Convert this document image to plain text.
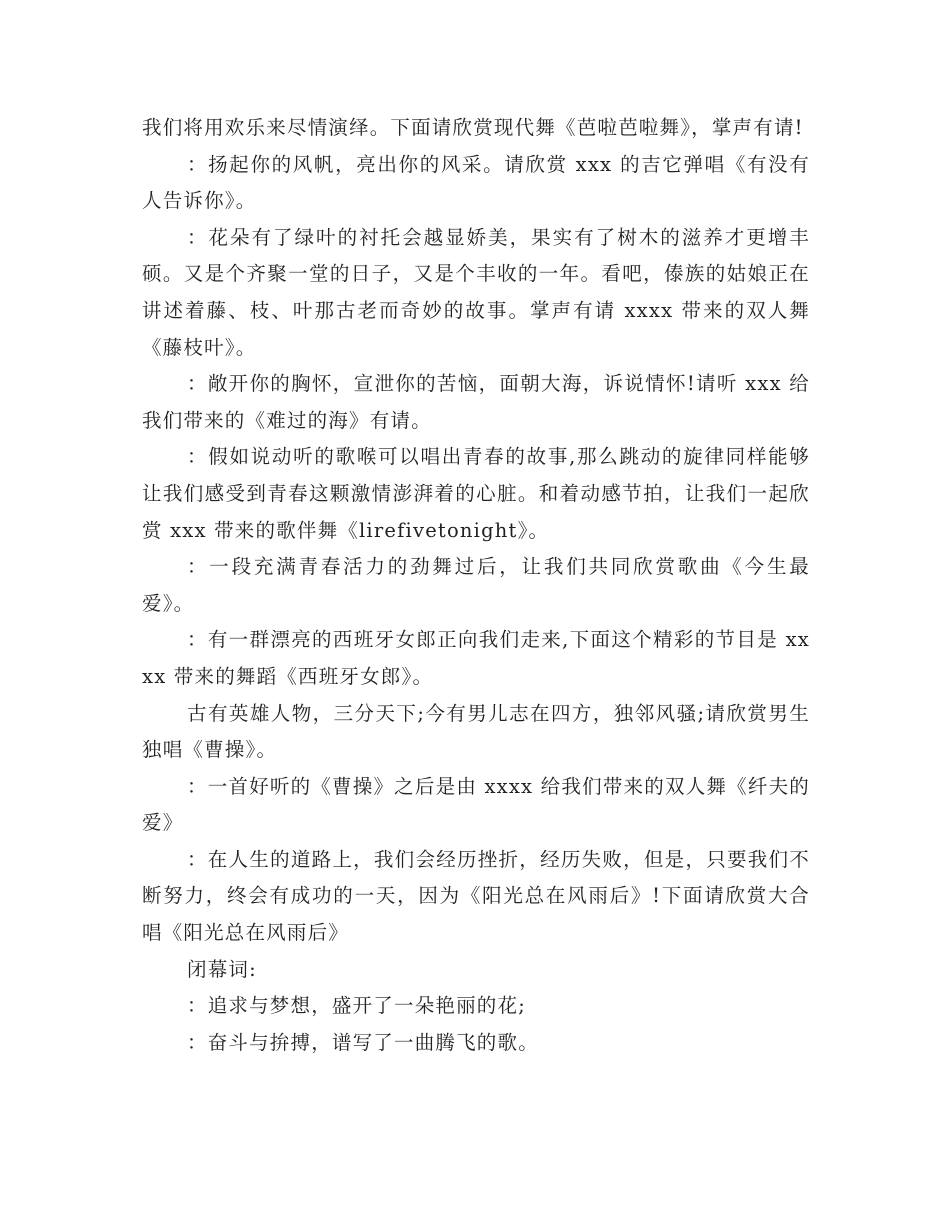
我们将用欢乐来尽情演绎。下面请欣赏现代舞《芭啦芭啦舞》，掌声有请!

：扬起你的风帆，亮出你的风采。请欣赏 xxx 的吉它弹唱《有没有人告诉你》。

：花朵有了绿叶的衬托会越显娇美，果实有了树木的滋养才更增丰硕。又是个齐聚一堂的日子，又是个丰收的一年。看吧，傣族的姑娘正在讲述着藤、枝、叶那古老而奇妙的故事。掌声有请 xxxx 带来的双人舞《藤枝叶》。

：敞开你的胸怀，宣泄你的苦恼，面朝大海，诉说情怀!请听 xxx 给我们带来的《难过的海》有请。

：假如说动听的歌喉可以唱出青春的故事,那么跳动的旋律同样能够让我们感受到青春这颗激情澎湃着的心脏。和着动感节拍，让我们一起欣赏 xxx 带来的歌伴舞《lirefivetonight》。

：一段充满青春活力的劲舞过后，让我们共同欣赏歌曲《今生最爱》。

：有一群漂亮的西班牙女郎正向我们走来,下面这个精彩的节目是 xxxx 带来的舞蹈《西班牙女郎》。

古有英雄人物，三分天下;今有男儿志在四方，独邻风骚;请欣赏男生独唱《曹操》。

：一首好听的《曹操》之后是由 xxxx 给我们带来的双人舞《纤夫的爱》

：在人生的道路上，我们会经历挫折，经历失败，但是，只要我们不断努力，终会有成功的一天，因为《阳光总在风雨后》!下面请欣赏大合唱《阳光总在风雨后》

闭幕词:

：追求与梦想，盛开了一朵艳丽的花;

：奋斗与拚搏，谱写了一曲腾飞的歌。
